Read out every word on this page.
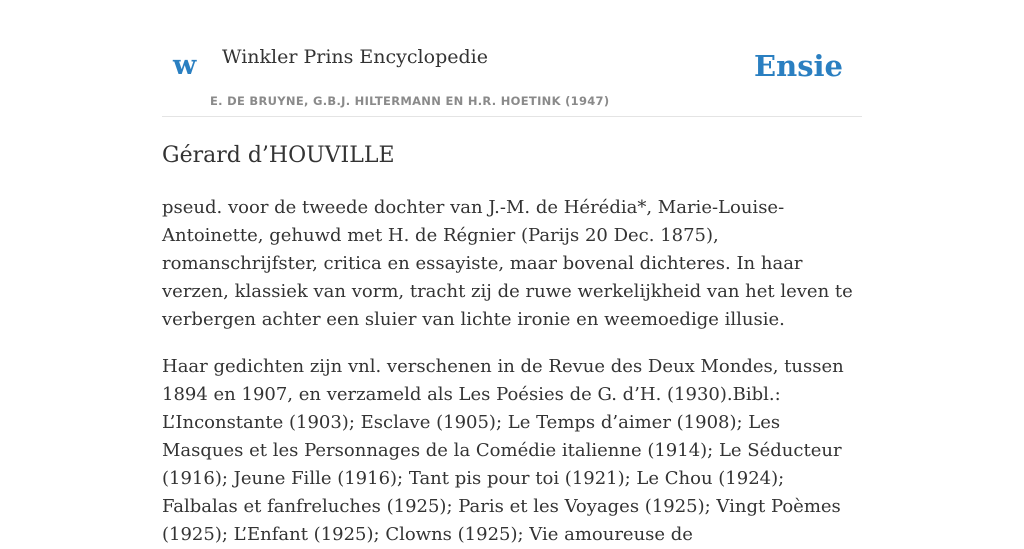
w Winkler Prins Encyclopedie
E. DE BRUYNE, G.B.J. HILTERMANN EN H.R. HOETINK (1947)
Ensie
Gérard d’HOUVILLE

pseud. voor de tweede dochter van J.-M. de Hérédia*, Marie-Louise-Antoinette, gehuwd met H. de Régnier (Parijs 20 Dec. 1875), romanschrijfster, critica en essayiste, maar bovenal dichteres. In haar verzen, klassiek van vorm, tracht zij de ruwe werkelijkheid van het leven te verbergen achter een sluier van lichte ironie en weemoedige illusie.

Haar gedichten zijn vnl. verschenen in de Revue des Deux Mondes, tussen 1894 en 1907, en verzameld als Les Poésies de G. d’H. (1930).Bibl.: L’Inconstante (1903); Esclave (1905); Le Temps d’aimer (1908); Les Masques et les Personnages de la Comédie italienne (1914); Le Séducteur (1916); Jeune Fille (1916); Tant pis pour toi (1921); Le Chou (1924); Falbalas et fanfreluches (1925); Paris et les Voyages (1925); Vingt Poèmes (1925); L’Enfant (1925); Clowns (1925); Vie amoureuse de
